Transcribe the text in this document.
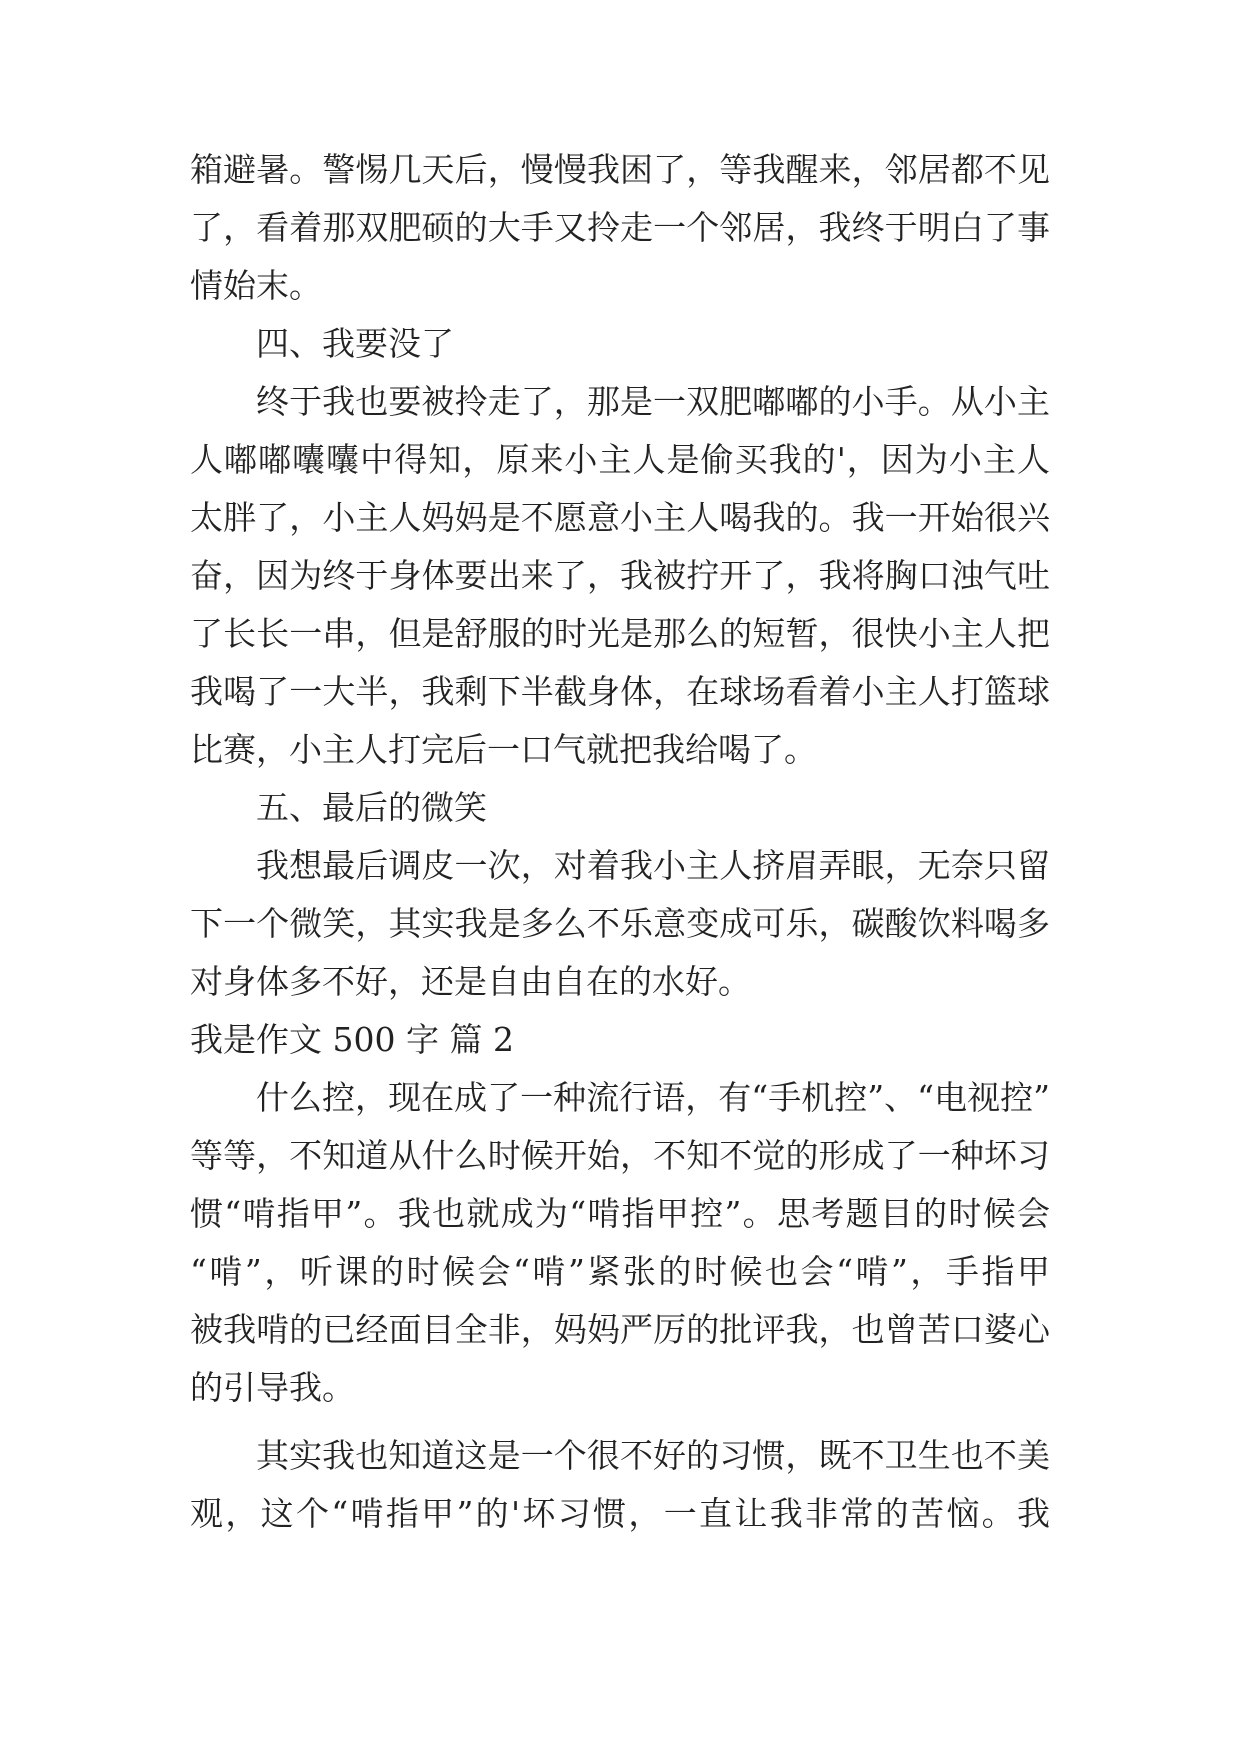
箱避暑。警惕几天后，慢慢我困了，等我醒来，邻居都不见

了，看着那双肥硕的大手又拎走一个邻居，我终于明白了事

情始末。

四、我要没了

终于我也要被拎走了，那是一双肥嘟嘟的小手。从小主

人嘟嘟囔囔中得知，原来小主人是偷买我的'，因为小主人

太胖了，小主人妈妈是不愿意小主人喝我的。我一开始很兴

奋，因为终于身体要出来了，我被拧开了，我将胸口浊气吐

了长长一串，但是舒服的时光是那么的短暂，很快小主人把

我喝了一大半，我剩下半截身体，在球场看着小主人打篮球

比赛，小主人打完后一口气就把我给喝了。

五、最后的微笑

我想最后调皮一次，对着我小主人挤眉弄眼，无奈只留

下一个微笑，其实我是多么不乐意变成可乐，碳酸饮料喝多

对身体多不好，还是自由自在的水好。

我是作文 500 字 篇 2

什么控，现在成了一种流行语，有“手机控”、“电视控”

等等，不知道从什么时候开始，不知不觉的形成了一种坏习

惯“啃指甲”。我也就成为“啃指甲控”。思考题目的时候会

“啃”，听课的时候会“啃”紧张的时候也会“啃”，手指甲

被我啃的已经面目全非，妈妈严厉的批评我，也曾苦口婆心

的引导我。

其实我也知道这是一个很不好的习惯，既不卫生也不美

观，这个“啃指甲”的'坏习惯，一直让我非常的苦恼。我
